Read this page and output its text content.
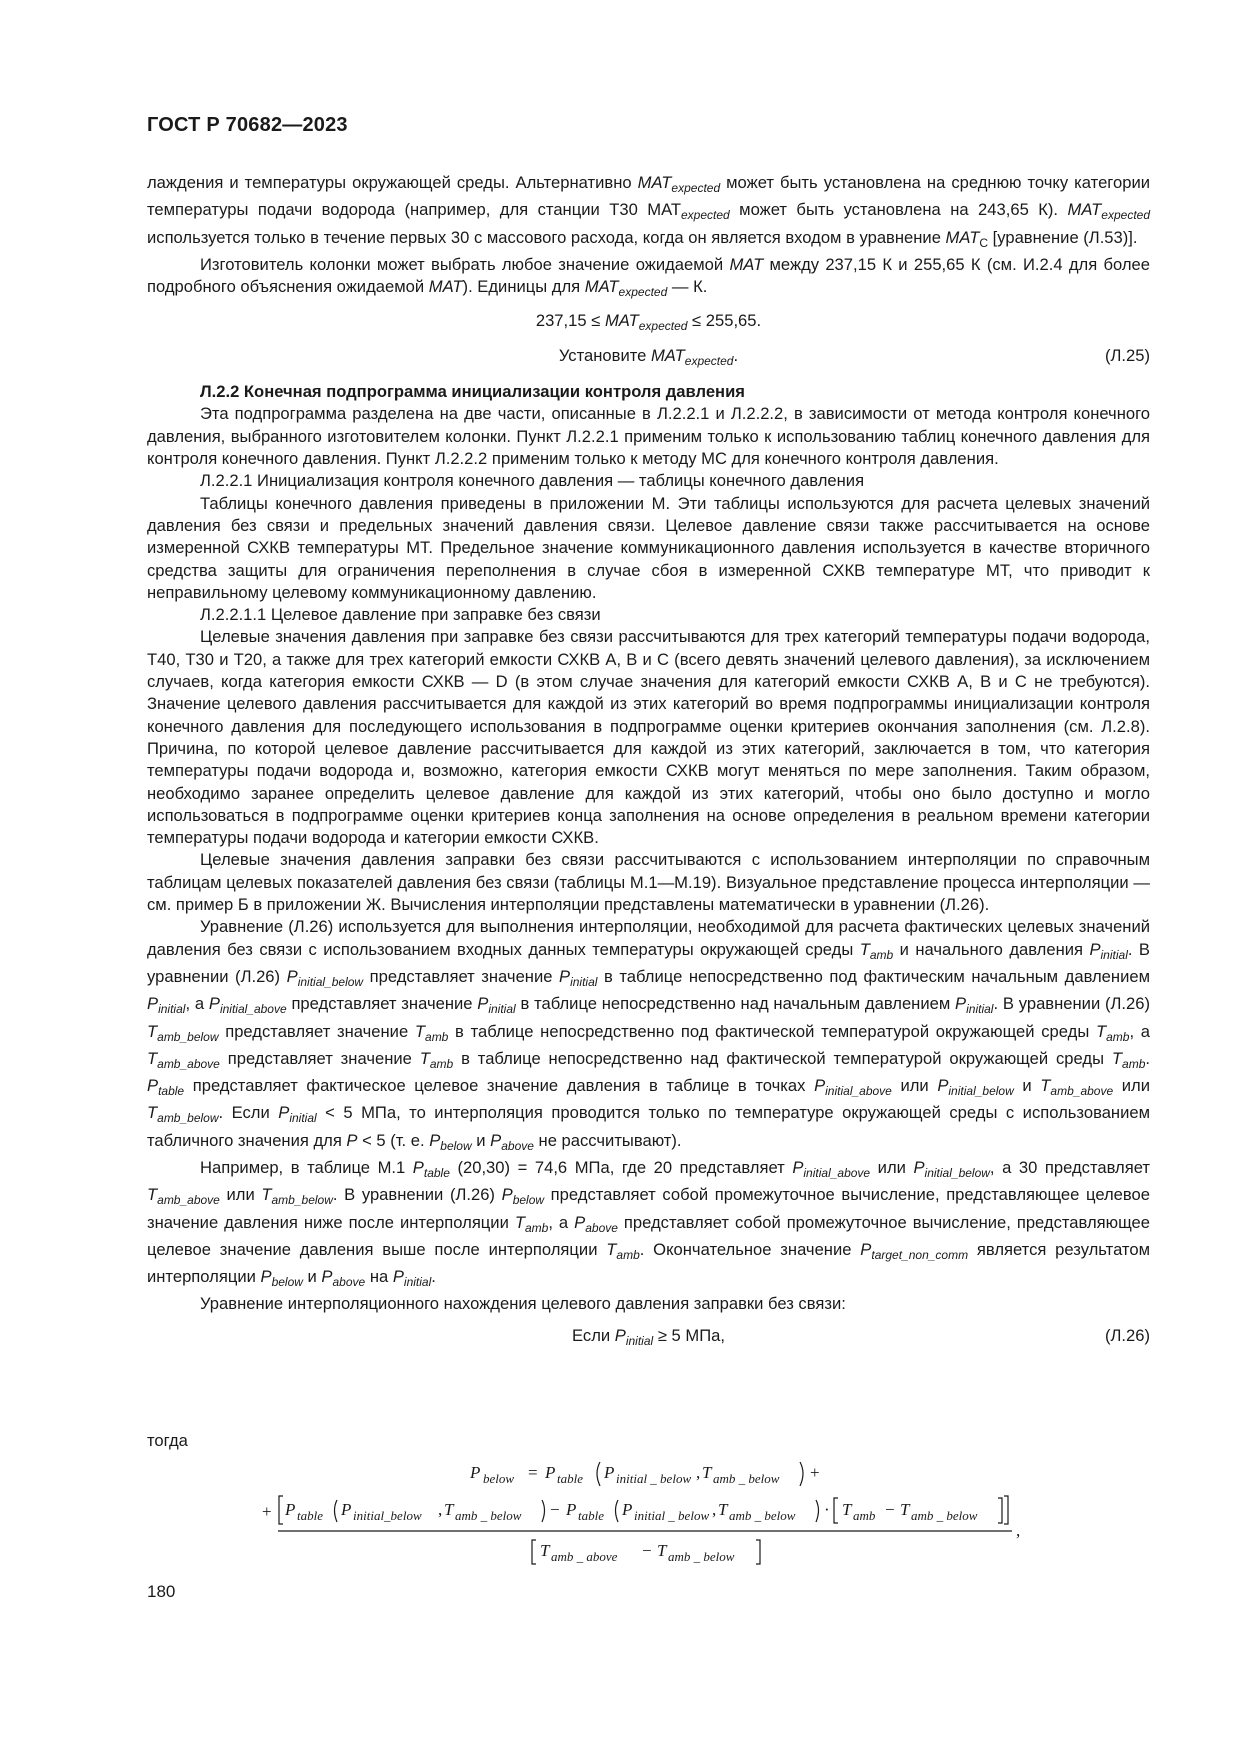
ГОСТ Р 70682—2023

лаждения и температуры окружающей среды. Альтернативно $MAT_{expected}$ может быть установлена на среднюю точку категории температуры подачи водорода (например, для станции Т30 $МАТ_{expected}$ может быть установлена на 243,65 К). $MAT_{expected}$ используется только в течение первых 30 с массового расхода, когда он является входом в уравнение $MAT_C$ [уравнение (Л.53)].

Изготовитель колонки может выбрать любое значение ожидаемой MAT между 237,15 К и 255,65 К (см. И.2.4 для более подробного объяснения ожидаемой MAT). Единицы для $MAT_{expected}$ — К.

$237,15 \le MAT_{expected} \le 255,65$.
Установите $MAT_{expected}$.	(Л.25)
Л.2.2 Конечная подпрограмма инициализации контроля давления

Эта подпрограмма разделена на две части, описанные в Л.2.2.1 и Л.2.2.2, в зависимости от метода контроля конечного давления, выбранного изготовителем колонки. Пункт Л.2.2.1 применим только к использованию таблиц конечного давления для контроля конечного давления. Пункт Л.2.2.2 применим только к методу МС для конечного контроля давления.

Л.2.2.1 Инициализация контроля конечного давления — таблицы конечного давления

Таблицы конечного давления приведены в приложении М. Эти таблицы используются для расчета целевых значений давления без связи и предельных значений давления связи. Целевое давление связи также рассчитывается на основе измеренной СХКВ температуры МТ. Предельное значение коммуникационного давления используется в качестве вторичного средства защиты для ограничения переполнения в случае сбоя в измеренной СХКВ температуре МТ, что приводит к неправильному целевому коммуникационному давлению.

Л.2.2.1.1 Целевое давление при заправке без связи

Целевые значения давления при заправке без связи рассчитываются для трех категорий температуры подачи водорода, Т40, Т30 и Т20, а также для трех категорий емкости СХКВ А, В и С (всего девять значений целевого давления), за исключением случаев, когда категория емкости СХКВ — D (в этом случае значения для категорий емкости СХКВ А, В и С не требуются). Значение целевого давления рассчитывается для каждой из этих категорий во время подпрограммы инициализации контроля конечного давления для последующего использования в подпрограмме оценки критериев окончания заполнения (см. Л.2.8). Причина, по которой целевое давление рассчитывается для каждой из этих категорий, заключается в том, что категория температуры подачи водорода и, возможно, категория емкости СХКВ могут меняться по мере заполнения. Таким образом, необходимо заранее определить целевое давление для каждой из этих категорий, чтобы оно было доступно и могло использоваться в подпрограмме оценки критериев конца заполнения на основе определения в реальном времени категории температуры подачи водорода и категории емкости СХКВ.

Целевые значения давления заправки без связи рассчитываются с использованием интерполяции по справочным таблицам целевых показателей давления без связи (таблицы М.1—М.19). Визуальное представление процесса интерполяции — см. пример Б в приложении Ж. Вычисления интерполяции представлены математически в уравнении (Л.26).

Уравнение (Л.26) используется для выполнения интерполяции, необходимой для расчета фактических целевых значений давления без связи с использованием входных данных температуры окружающей среды $T_{amb}$ и начального давления $P_{initial}$. В уравнении (Л.26) $P_{initial\_below}$ представляет значение $P_{initial}$ в таблице непосредственно под фактическим начальным давлением $P_{initial}$, а $P_{initial\_above}$ представляет значение $P_{initial}$ в таблице непосредственно над начальным давлением $P_{initial}$. В уравнении (Л.26) $T_{amb\_below}$ представляет значение $T_{amb}$ в таблице непосредственно под фактической температурой окружающей среды $T_{amb}$, а $T_{amb\_above}$ представляет значение $T_{amb}$ в таблице непосредственно над фактической температурой окружающей среды $T_{amb}$. $P_{table}$ представляет фактическое целевое значение давления в таблице в точках $P_{initial\_above}$ или $P_{initial\_below}$ и $T_{amb\_above}$ или $T_{amb\_below}$. Если $P_{initial} < 5$ МПа, то интерполяция проводится только по температуре окружающей среды с использованием табличного значения для P < 5 (т. е. $P_{below}$ и $P_{above}$ не рассчитывают).

Например, в таблице М.1 $P_{table}$ (20,30) = 74,6 МПа, где 20 представляет $P_{initial\_above}$ или $P_{initial\_below}$, а 30 представляет $T_{amb\_above}$ или $T_{amb\_below}$. В уравнении (Л.26) $P_{below}$ представляет собой промежуточное вычисление, представляющее целевое значение давления ниже после интерполяции $T_{amb}$, а $P_{above}$ представляет собой промежуточное вычисление, представляющее целевое значение давления выше после интерполяции $T_{amb}$. Окончательное значение $P_{target\_non\_comm}$ является результатом интерполяции $P_{below}$ и $P_{above}$ на $P_{initial}$.

Уравнение интерполяционного нахождения целевого давления заправки без связи:

Если $P_{initial} \ge 5$ МПа,	(Л.26)
тогда
P below = P table P initial _ below , T amb _ below +
+ P table P initial_below , T amb _ below − P table P initial _ below , T amb _ below · T amb − T amb _ below
,
T amb _ above − T amb _ below
180
